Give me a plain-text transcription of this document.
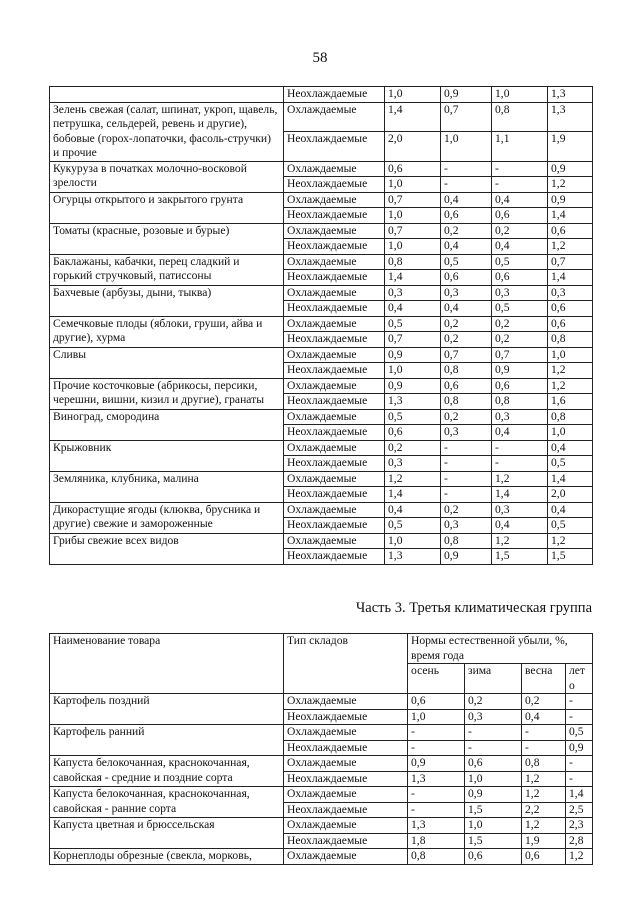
58
	Неохлаждаемые	1,0	0,9	1,0	1,3
Зелень свежая (салат, шпинат, укроп, щавель, петрушка, сельдерей, ревень и другие), бобовые (горох-лопаточки, фасоль-стручки) и прочие	Охлаждаемые	1,4	0,7	0,8	1,3
	Неохлаждаемые	2,0	1,0	1,1	1,9
Кукуруза в початках молочно-восковой зрелости	Охлаждаемые	0,6	-	-	0,9
	Неохлаждаемые	1,0	-	-	1,2
Огурцы открытого и закрытого грунта	Охлаждаемые	0,7	0,4	0,4	0,9
	Неохлаждаемые	1,0	0,6	0,6	1,4
Томаты (красные, розовые и бурые)	Охлаждаемые	0,7	0,2	0,2	0,6
	Неохлаждаемые	1,0	0,4	0,4	1,2
Баклажаны, кабачки, перец сладкий и горький стручковый, патиссоны	Охлаждаемые	0,8	0,5	0,5	0,7
	Неохлаждаемые	1,4	0,6	0,6	1,4
Бахчевые (арбузы, дыни, тыква)	Охлаждаемые	0,3	0,3	0,3	0,3
	Неохлаждаемые	0,4	0,4	0,5	0,6
Семечковые плоды (яблоки, груши, айва и другие), хурма	Охлаждаемые	0,5	0,2	0,2	0,6
	Неохлаждаемые	0,7	0,2	0,2	0,8
Сливы	Охлаждаемые	0,9	0,7	0,7	1,0
	Неохлаждаемые	1,0	0,8	0,9	1,2
Прочие косточковые (абрикосы, персики, черешни, вишни, кизил и другие), гранаты	Охлаждаемые	0,9	0,6	0,6	1,2
	Неохлаждаемые	1,3	0,8	0,8	1,6
Виноград, смородина	Охлаждаемые	0,5	0,2	0,3	0,8
	Неохлаждаемые	0,6	0,3	0,4	1,0
Крыжовник	Охлаждаемые	0,2	-	-	0,4
	Неохлаждаемые	0,3	-	-	0,5
Земляника, клубника, малина	Охлаждаемые	1,2	-	1,2	1,4
	Неохлаждаемые	1,4	-	1,4	2,0
Дикорастущие ягоды (клюква, брусника и другие) свежие и замороженные	Охлаждаемые	0,4	0,2	0,3	0,4
	Неохлаждаемые	0,5	0,3	0,4	0,5
Грибы свежие всех видов	Охлаждаемые	1,0	0,8	1,2	1,2
	Неохлаждаемые	1,3	0,9	1,5	1,5
Часть 3. Третья климатическая группа
Наименование товара	Тип складов	Нормы естественной убыли, %, время года			
		осень	зима	весна	лет о
Картофель поздний	Охлаждаемые	0,6	0,2	0,2	-
	Неохлаждаемые	1,0	0,3	0,4	-
Картофель ранний	Охлаждаемые	-	-	-	0,5
	Неохлаждаемые	-	-	-	0,9
Капуста белокочанная, краснокочанная, савойская - средние и поздние сорта	Охлаждаемые	0,9	0,6	0,8	-
	Неохлаждаемые	1,3	1,0	1,2	-
Капуста белокочанная, краснокочанная, савойская - ранние сорта	Охлаждаемые	-	0,9	1,2	1,4
	Неохлаждаемые	-	1,5	2,2	2,5
Капуста цветная и брюссельская	Охлаждаемые	1,3	1,0	1,2	2,3
	Неохлаждаемые	1,8	1,5	1,9	2,8
Корнеплоды обрезные (свекла, морковь,	Охлаждаемые	0,8	0,6	0,6	1,2
